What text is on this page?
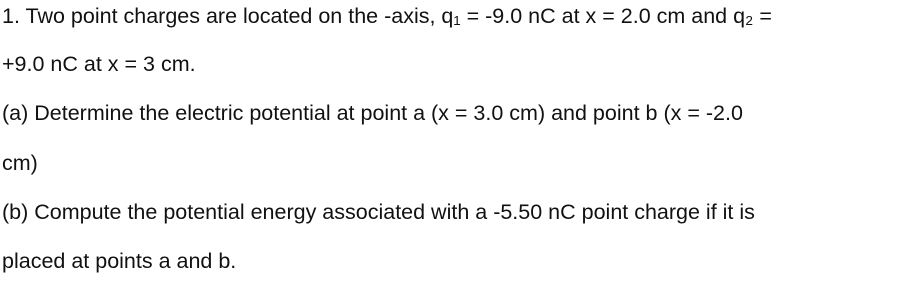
1. Two point charges are located on the -axis, q₁ = -9.0 nC at x = 2.0 cm and q₂ =

+9.0 nC at x = 3 cm.

(a) Determine the electric potential at point a (x = 3.0 cm) and point b (x = -2.0

cm)

(b) Compute the potential energy associated with a -5.50 nC point charge if it is

placed at points a and b.
